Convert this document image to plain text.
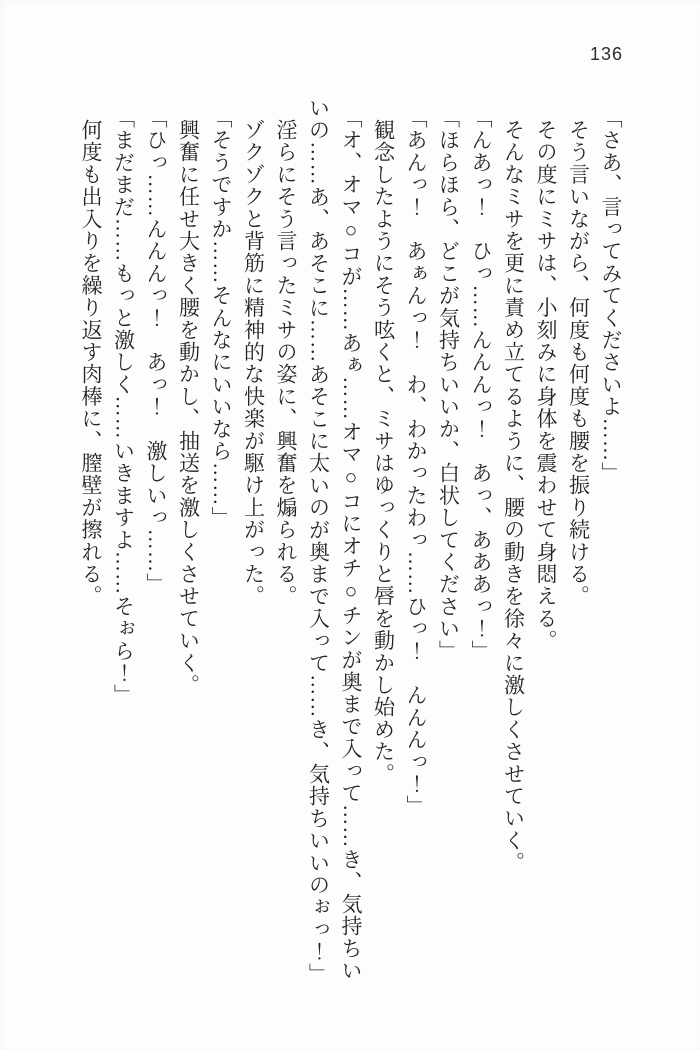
136

「さあ、言ってみてくださいよ……」

そう言いながら、何度も何度も腰を振り続ける。

その度にミサは、小刻みに身体を震わせて身悶える。

そんなミサを更に責め立てるように、腰の動きを徐々に激しくさせていく。

「んあっ！　ひっ……んんんっ！　あっ、あああっ！」

「ほらほら、どこが気持ちいいか、白状してください」

「あんっ！　あぁんっ！　わ、わかったわっ……ひっ！　んんんっ！」

観念したようにそう呟くと、ミサはゆっくりと唇を動かし始めた。

「オ、オマ○コが……あぁ……オマ○コにオチ○チンが奥まで入って……き、気持ちいいの……あ、あそこに……あそこに太いのが奥まで入って……き、気持ちいいのぉっ！」

淫らにそう言ったミサの姿に、興奮を煽られる。

ゾクゾクと背筋に精神的な快楽が駆け上がった。

「そうですか……そんなにいいなら……」

興奮に任せ大きく腰を動かし、抽送を激しくさせていく。

「ひっ……んんんっ！　あっ！　激しいっ……」

「まだまだ……もっと激しく……いきますよ……そぉら！」

何度も出入りを繰り返す肉棒に、膣壁が擦れる。
